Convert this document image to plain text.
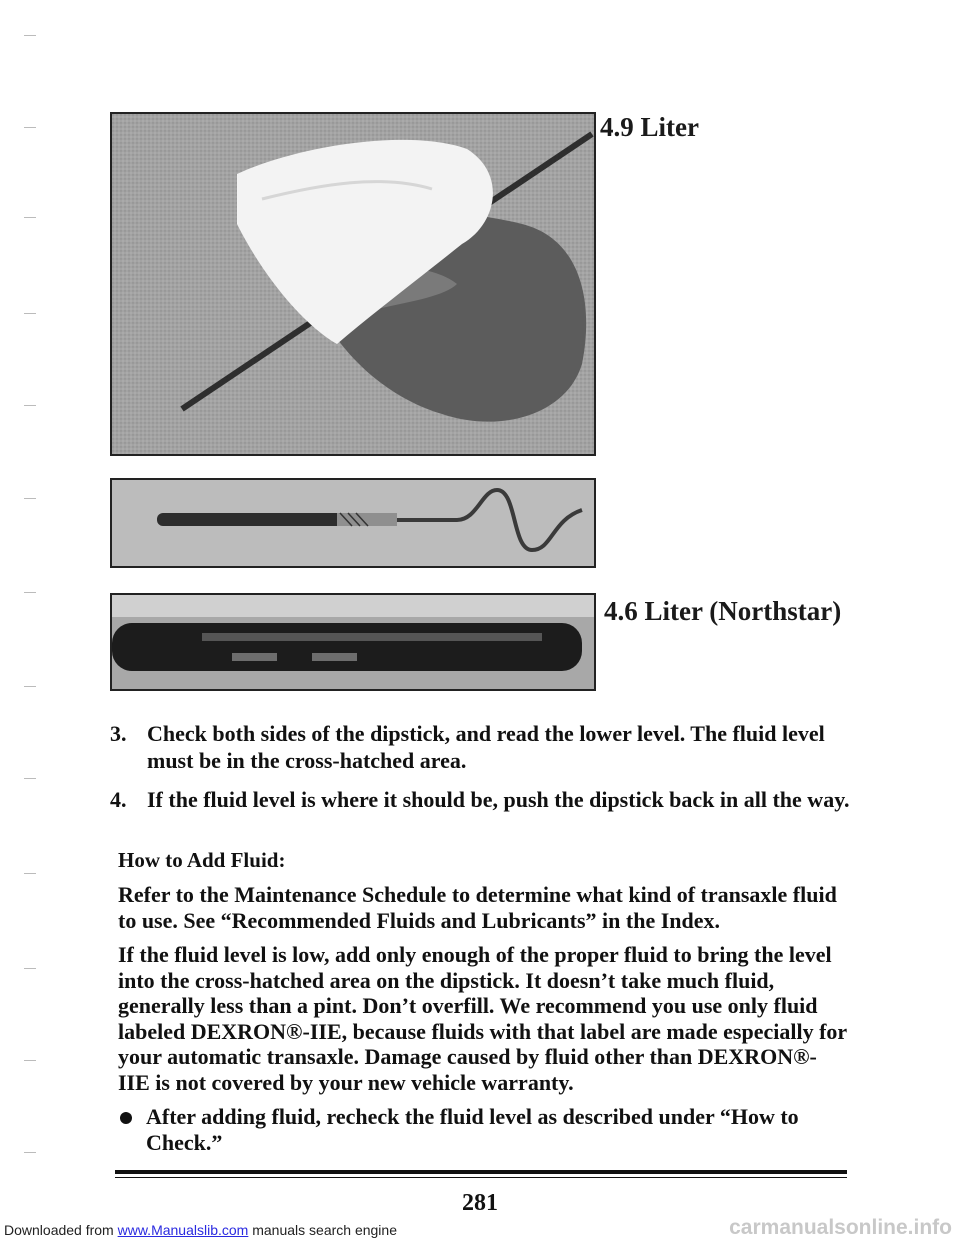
4.9 Liter
4.6 Liter (Northstar)
3. Check both sides of the dipstick, and read the lower level. The fluid level must be in the cross-hatched area.
4. If the fluid level is where it should be, push the dipstick back in all the way.
How to Add Fluid:
Refer to the Maintenance Schedule to determine what kind of transaxle fluid to use. See “Recommended Fluids and Lubricants” in the Index.
If the fluid level is low, add only enough of the proper fluid to bring the level into the cross-hatched area on the dipstick. It doesn’t take much fluid, generally less than a pint. Don’t overfill. We recommend you use only fluid labeled DEXRON®-IIE, because fluids with that label are made especially for your automatic transaxle. Damage caused by fluid other than DEXRON®-IIE is not covered by your new vehicle warranty.
After adding fluid, recheck the fluid level as described under “How to Check.”
281
Downloaded from www.Manualslib.com manuals search engine	carmanualsonline.info
